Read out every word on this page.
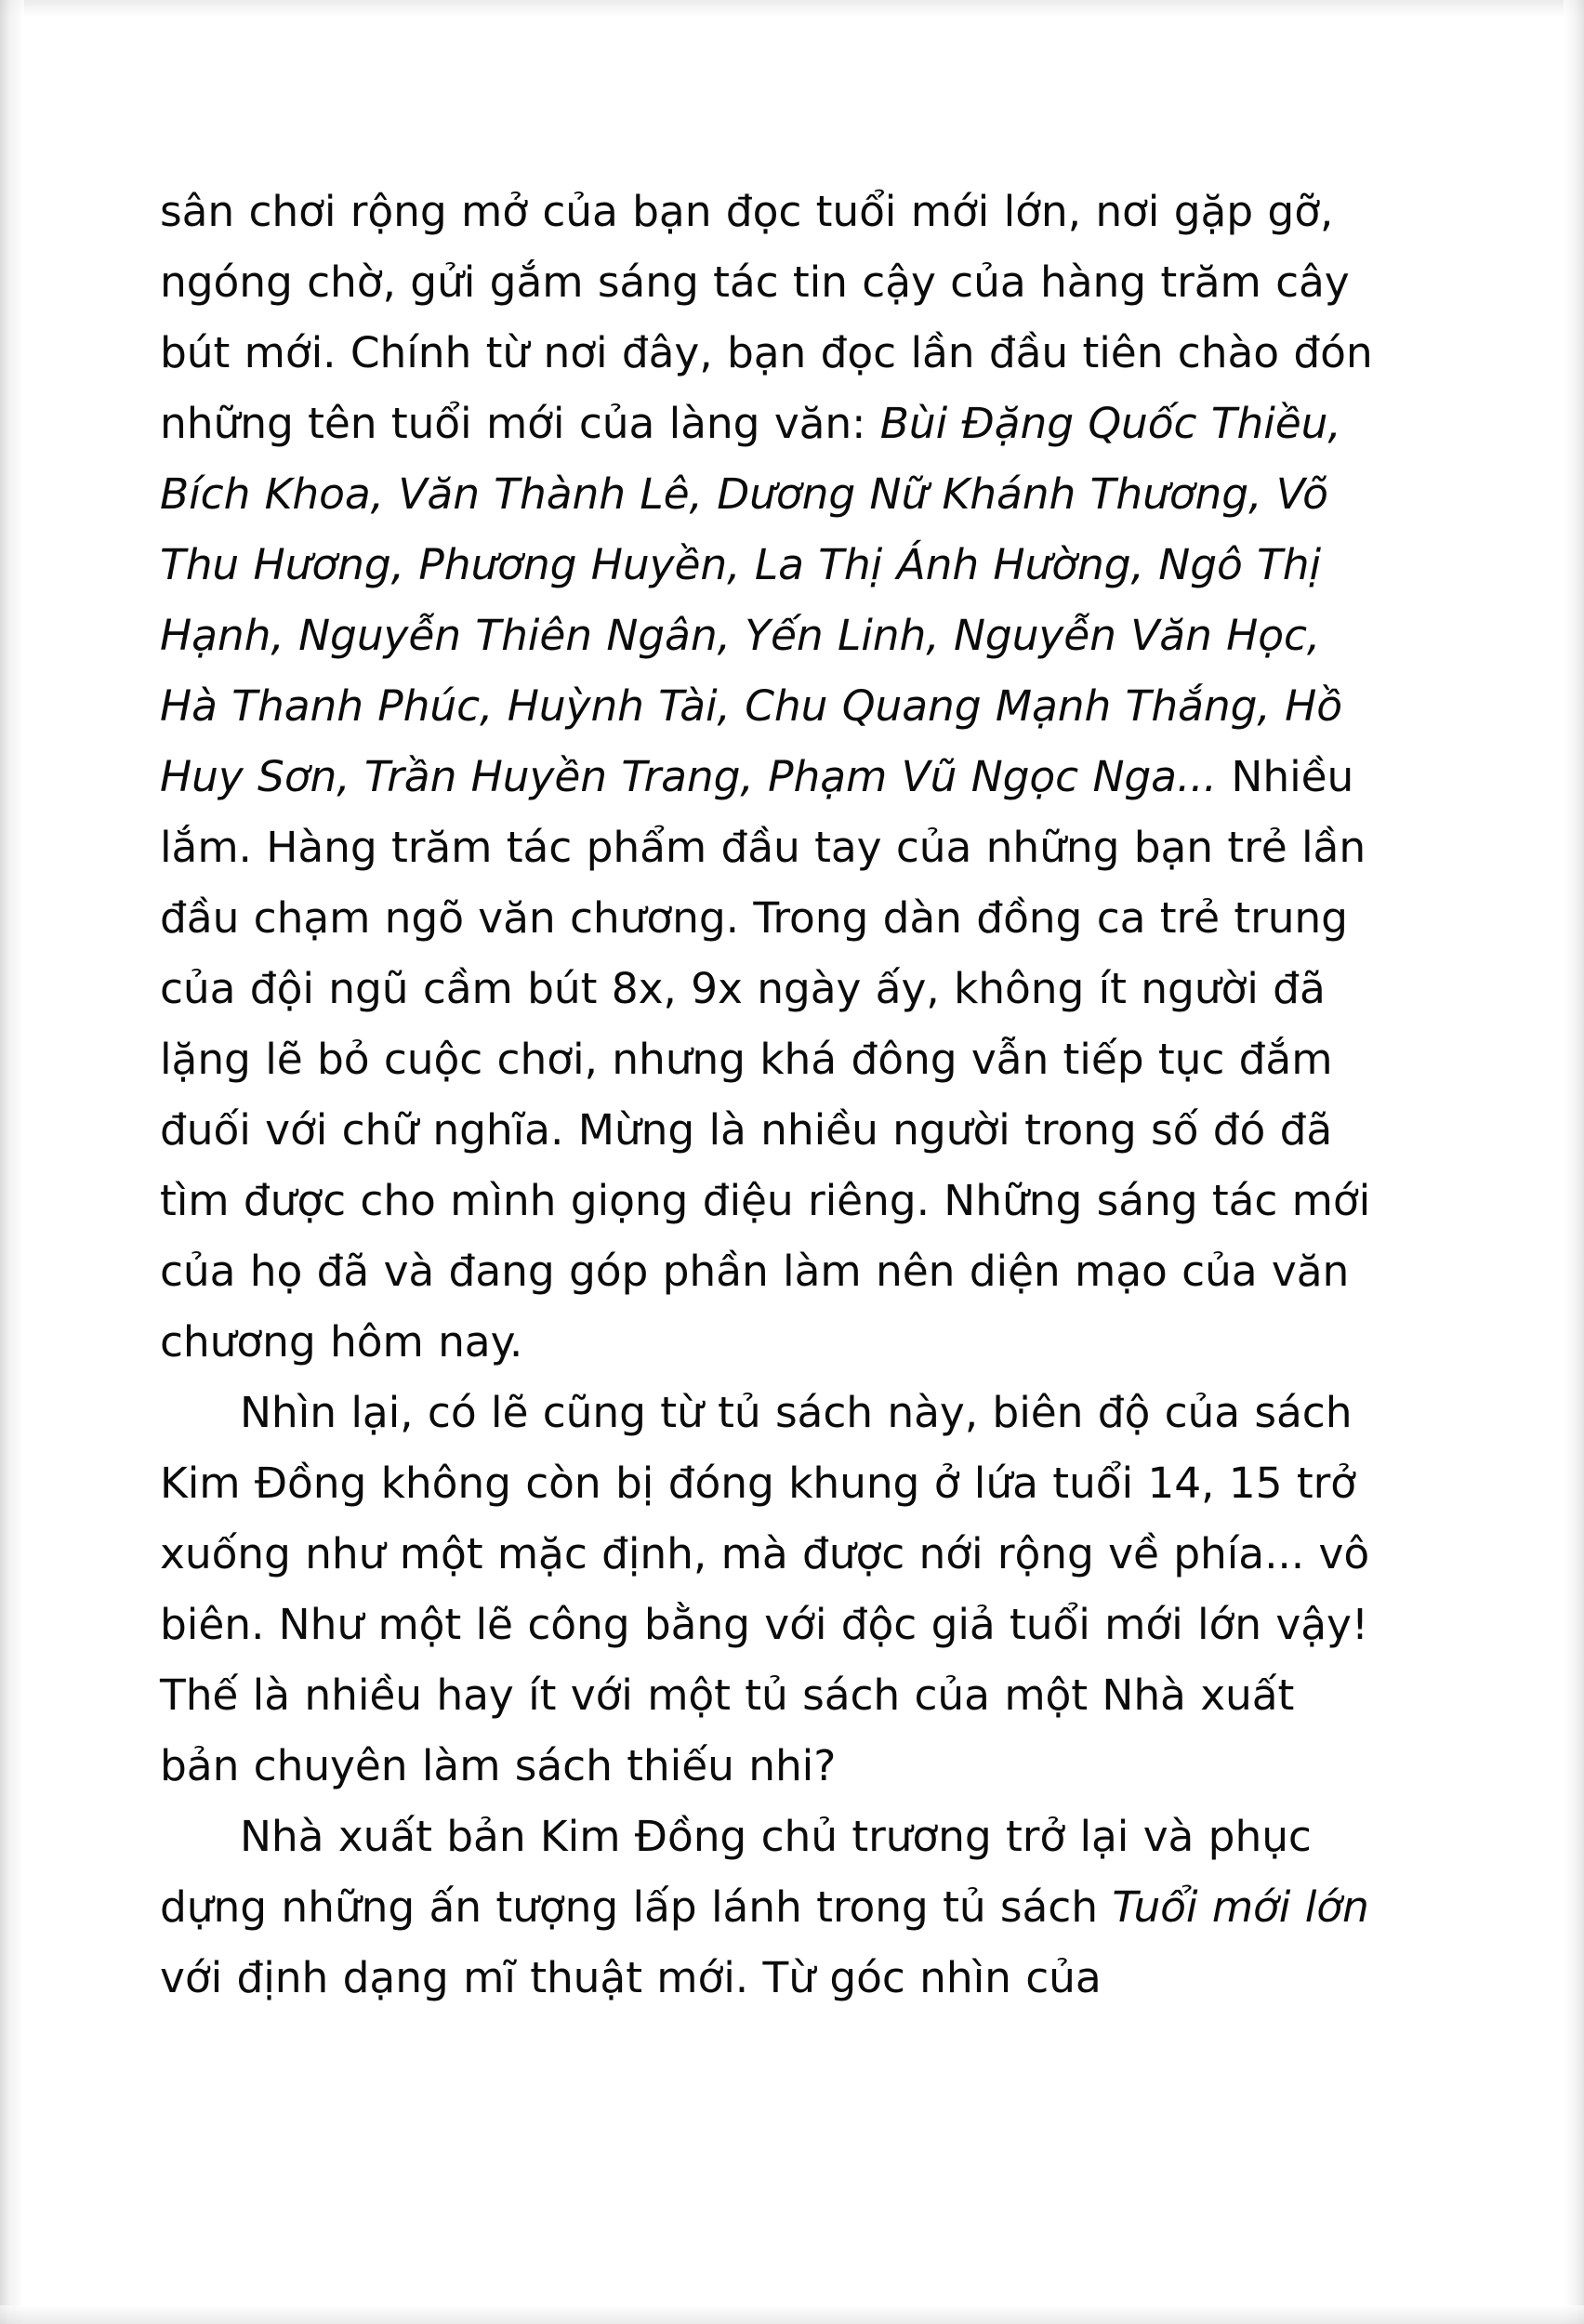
sân chơi rộng mở của bạn đọc tuổi mới lớn, nơi gặp gỡ, ngóng chờ, gửi gắm sáng tác tin cậy của hàng trăm cây bút mới. Chính từ nơi đây, bạn đọc lần đầu tiên chào đón những tên tuổi mới của làng văn: Bùi Đặng Quốc Thiều, Bích Khoa, Văn Thành Lê, Dương Nữ Khánh Thương, Võ Thu Hương, Phương Huyền, La Thị Ánh Hường, Ngô Thị Hạnh, Nguyễn Thiên Ngân, Yến Linh, Nguyễn Văn Học, Hà Thanh Phúc, Huỳnh Tài, Chu Quang Mạnh Thắng, Hồ Huy Sơn, Trần Huyền Trang, Phạm Vũ Ngọc Nga... Nhiều lắm. Hàng trăm tác phẩm đầu tay của những bạn trẻ lần đầu chạm ngõ văn chương. Trong dàn đồng ca trẻ trung của đội ngũ cầm bút 8x, 9x ngày ấy, không ít người đã lặng lẽ bỏ cuộc chơi, nhưng khá đông vẫn tiếp tục đắm đuối với chữ nghĩa. Mừng là nhiều người trong số đó đã tìm được cho mình giọng điệu riêng. Những sáng tác mới của họ đã và đang góp phần làm nên diện mạo của văn chương hôm nay.

Nhìn lại, có lẽ cũng từ tủ sách này, biên độ của sách Kim Đồng không còn bị đóng khung ở lứa tuổi 14, 15 trở xuống như một mặc định, mà được nới rộng về phía... vô biên. Như một lẽ công bằng với độc giả tuổi mới lớn vậy! Thế là nhiều hay ít với một tủ sách của một Nhà xuất bản chuyên làm sách thiếu nhi?

Nhà xuất bản Kim Đồng chủ trương trở lại và phục dựng những ấn tượng lấp lánh trong tủ sách Tuổi mới lớn với định dạng mĩ thuật mới. Từ góc nhìn của
